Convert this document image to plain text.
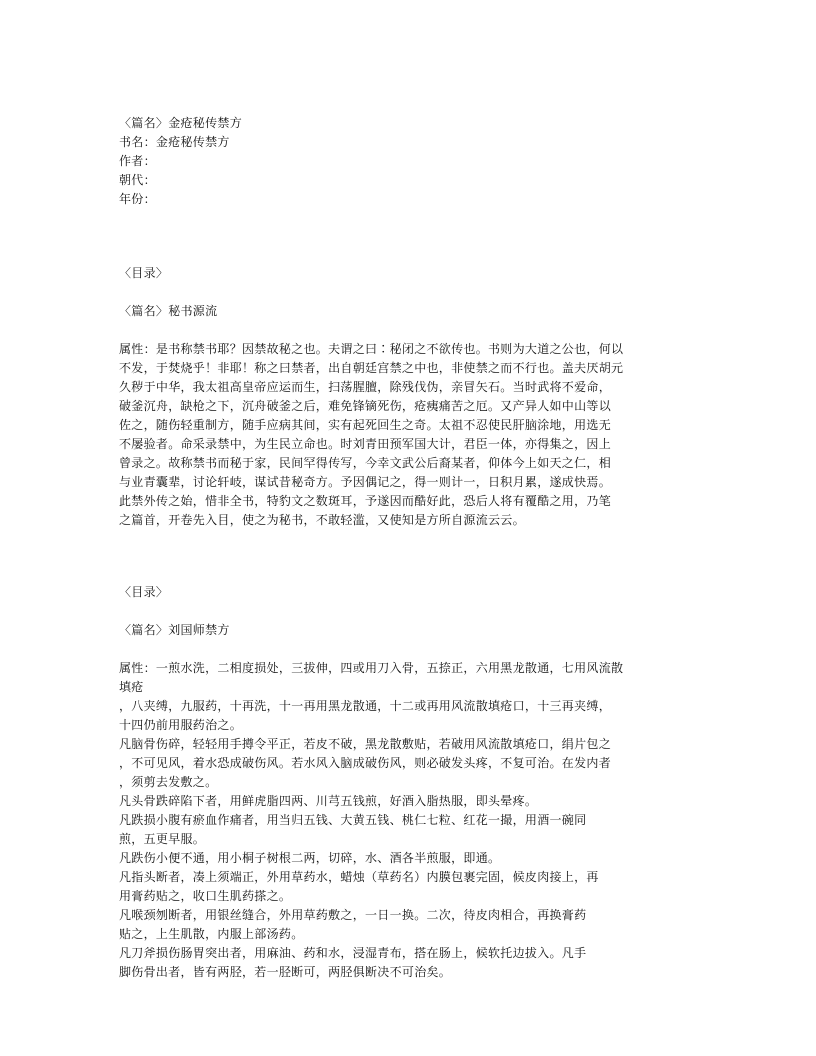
〈篇名〉金疮秘传禁方
书名：金疮秘传禁方
作者：
朝代：
年份：
〈目录〉
〈篇名〉秘书源流
属性：是书称禁书耶？因禁故秘之也。夫谓之曰∶秘闭之不欲传也。书则为大道之公也，何以
不发，于焚烧乎！非耶！称之曰禁者，出自朝廷宫禁之中也，非使禁之而不行也。盖夫厌胡元
久秽于中华，我太祖高皇帝应运而生，扫荡腥膻，除残伐伪，亲冒矢石。当时武将不爱命，
破釜沉舟，缺枪之下，沉舟破釜之后，难免锋镝死伤，疮痍痛苦之厄。又产异人如中山等以
佐之，随伤轻重制方，随手应病其间，实有起死回生之奇。太祖不忍使民肝脑涂地，用选无
不屡验者。命采录禁中，为生民立命也。时刘青田预军国大计，君臣一体，亦得集之，因上
曾录之。故称禁书而秘于家，民间罕得传写，今幸文武公后裔某者，仰体今上如天之仁，相
与业青囊辈，讨论轩岐，谋试昔秘奇方。予因偶记之，得一则计一，日积月累，遂成快焉。
此禁外传之始，惜非全书，特豹文之数斑耳，予遂因而酷好此，恐后人将有覆酷之用，乃笔
之篇首，开卷先入目，使之为秘书，不敢轻滥，又使知是方所自源流云云。
〈目录〉
〈篇名〉刘国师禁方
属性：一煎水洗，二相度损处，三拔伸，四或用刀入骨，五捺正，六用黑龙散通，七用风流散
填疮
，八夹缚，九服药，十再洗，十一再用黑龙散通，十二或再用风流散填疮口，十三再夹缚，
十四仍前用服药治之。
凡脑骨伤碎，轻轻用手撙令平正，若皮不破，黑龙散敷贴，若破用风流散填疮口，绢片包之
，不可见风，着水恐成破伤风。若水风入脑成破伤风，则必破发头疼，不复可治。在发内者
，须剪去发敷之。
凡头骨跌碎陷下者，用鲜虎脂四两、川芎五钱煎，好酒入脂热服，即头晕疼。
凡跌损小腹有瘀血作痛者，用当归五钱、大黄五钱、桃仁七粒、红花一撮，用酒一碗同
煎，五更早服。
凡跌伤小便不通，用小桐子树根二两，切碎，水、酒各半煎服，即通。
凡指头断者，凑上须端正，外用草药水，蜡烛（草药名）内膜包裹完固，候皮肉接上，再
用膏药贴之，收口生肌药搽之。
凡喉颈刎断者，用银丝缝合，外用草药敷之，一日一换。二次，待皮肉相合，再换膏药
贴之，上生肌散，内服上部汤药。
凡刀斧损伤肠胃突出者，用麻油、药和水，浸湿青布，搭在肠上，候软托边拔入。凡手
脚伤骨出者，皆有两胫，若一胫断可，两胫俱断决不可治矣。
